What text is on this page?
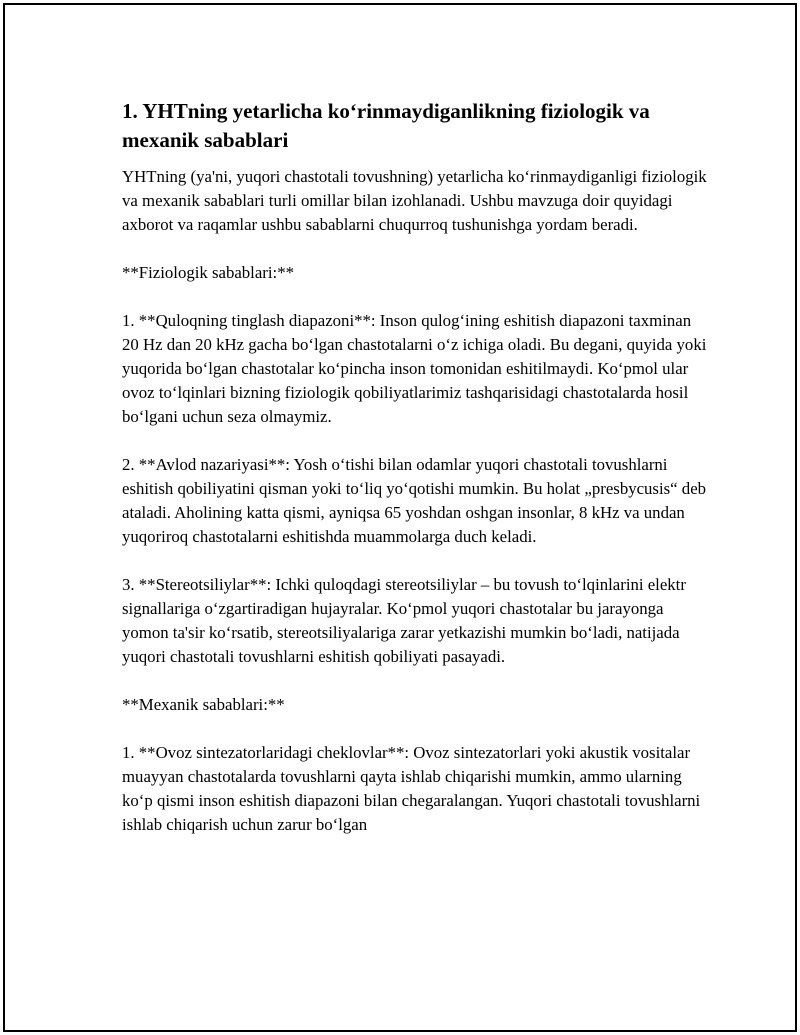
1. YHTning yetarlicha ko‘rinmaydiganlikning fiziologik va mexanik sabablari

YHTning (ya'ni, yuqori chastotali tovushning) yetarlicha ko‘rinmaydiganligi fiziologik va mexanik sabablari turli omillar bilan izohlanadi. Ushbu mavzuga doir quyidagi axborot va raqamlar ushbu sabablarni chuqurroq tushunishga yordam beradi.

**Fiziologik sabablari:**

1. **Quloqning tinglash diapazoni**: Inson qulog‘ining eshitish diapazoni taxminan 20 Hz dan 20 kHz gacha bo‘lgan chastotalarni o‘z ichiga oladi. Bu degani, quyida yoki yuqorida bo‘lgan chastotalar ko‘pincha inson tomonidan eshitilmaydi. Ko‘pmol ular ovoz to‘lqinlari bizning fiziologik qobiliyatlarimiz tashqarisidagi chastotalarda hosil bo‘lgani uchun seza olmaymiz.

2. **Avlod nazariyasi**: Yosh o‘tishi bilan odamlar yuqori chastotali tovushlarni eshitish qobiliyatini qisman yoki to‘liq yo‘qotishi mumkin. Bu holat „presbycusis“ deb ataladi. Aholining katta qismi, ayniqsa 65 yoshdan oshgan insonlar, 8 kHz va undan yuqoriroq chastotalarni eshitishda muammolarga duch keladi.

3. **Stereotsiliylar**: Ichki quloqdagi stereotsiliylar – bu tovush to‘lqinlarini elektr signallariga o‘zgartiradigan hujayralar. Ko‘pmol yuqori chastotalar bu jarayonga yomon ta'sir ko‘rsatib, stereotsiliyalariga zarar yetkazishi mumkin bo‘ladi, natijada yuqori chastotali tovushlarni eshitish qobiliyati pasayadi.

**Mexanik sabablari:**

1. **Ovoz sintezatorlaridagi cheklovlar**: Ovoz sintezatorlari yoki akustik vositalar muayyan chastotalarda tovushlarni qayta ishlab chiqarishi mumkin, ammo ularning ko‘p qismi inson eshitish diapazoni bilan chegaralangan. Yuqori chastotali tovushlarni ishlab chiqarish uchun zarur bo‘lgan
